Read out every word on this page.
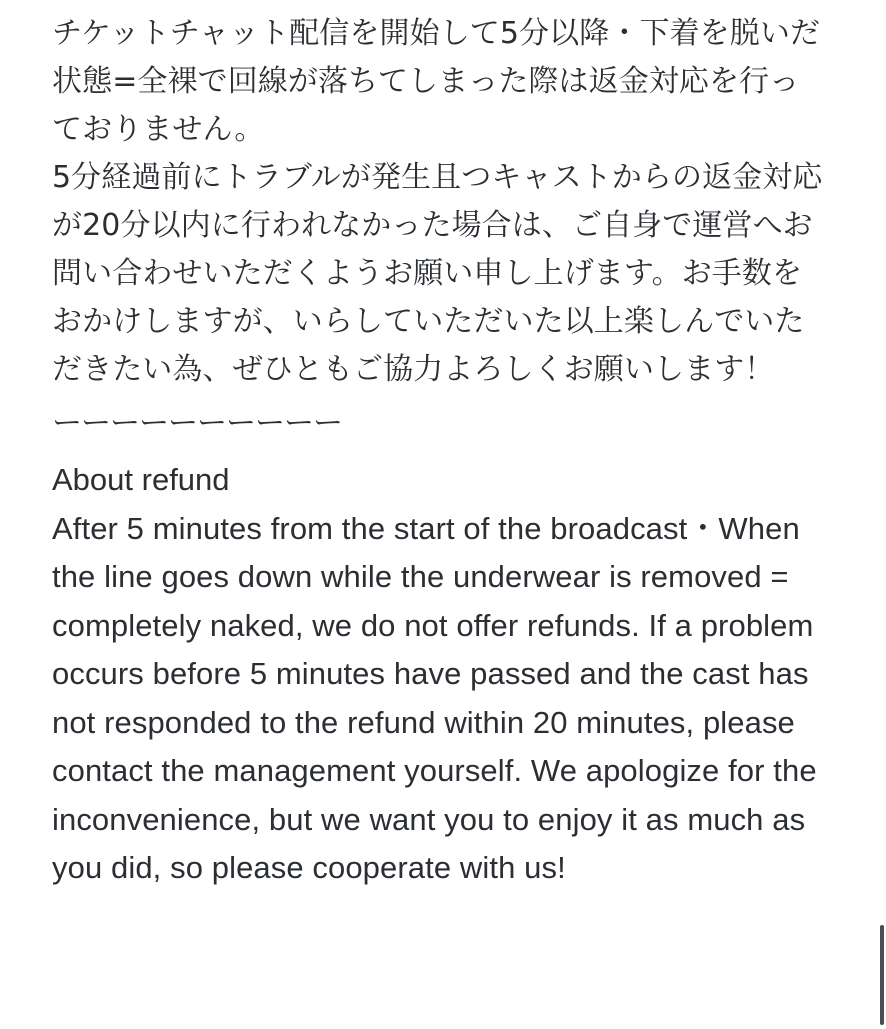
チケットチャット配信を開始して5分以降・下着を脱いだ状態=全裸で回線が落ちてしまった際は返金対応を行っておりません。

5分経過前にトラブルが発生且つキャストからの返金対応が20分以内に行われなかった場合は、ご自身で運営へお問い合わせいただくようお願い申し上げます。お手数をおかけしますが、いらしていただいた以上楽しんでいただきたい為、ぜひともご協力よろしくお願いします！

ーーーーーーーーーー

About refund

After 5 minutes from the start of the broadcast・When the line goes down while the underwear is removed = completely naked, we do not offer refunds. If a problem occurs before 5 minutes have passed and the cast has not responded to the refund within 20 minutes, please contact the management yourself. We apologize for the inconvenience, but we want you to enjoy it as much as you did, so please cooperate with us!
